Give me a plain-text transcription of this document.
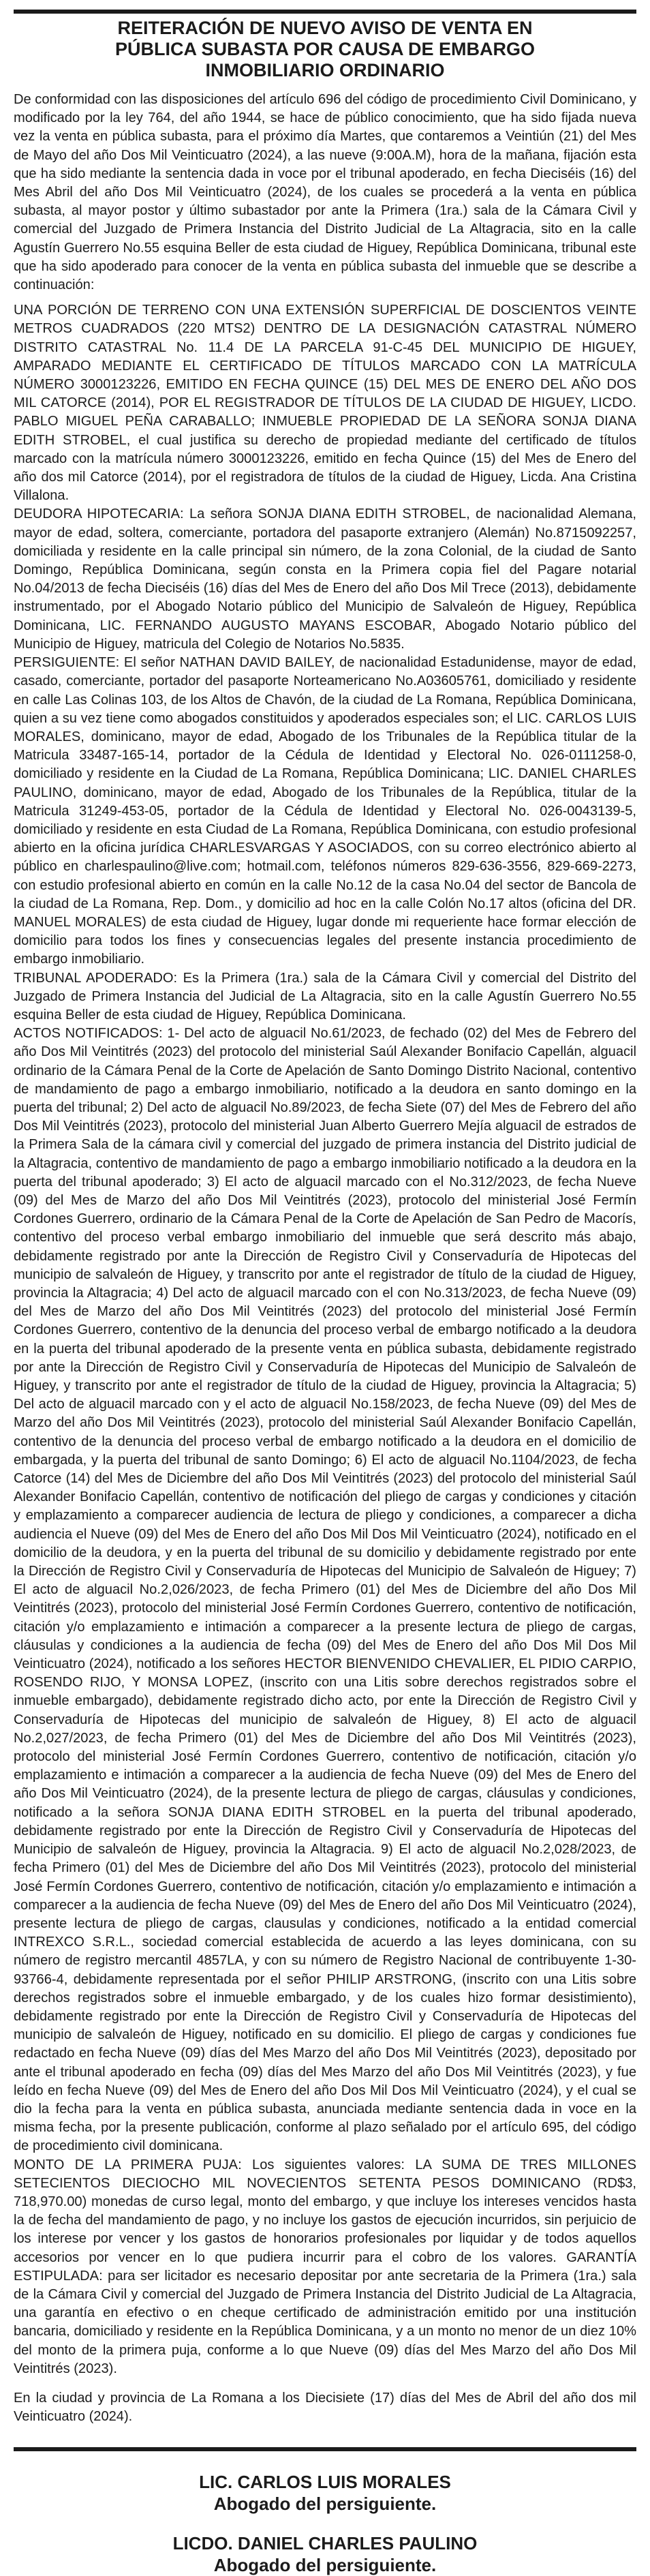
REITERACIÓN DE NUEVO AVISO DE VENTA EN
PÚBLICA SUBASTA POR CAUSA DE EMBARGO
INMOBILIARIO ORDINARIO

De conformidad con las disposiciones del artículo 696 del código de procedimiento Civil Dominicano, y modificado por la ley 764, del año 1944, se hace de público conocimiento, que ha sido fijada nueva vez la venta en pública subasta, para el próximo día Martes, que contaremos a Veintiún (21) del Mes de Mayo del año Dos Mil Veinticuatro (2024), a las nueve (9:00A.M), hora de la mañana, fijación esta que ha sido mediante la sentencia dada in voce por el tribunal apoderado, en fecha Dieciséis (16) del Mes Abril del año Dos Mil Veinticuatro (2024), de los cuales se procederá a la venta en pública subasta, al mayor postor y último subastador por ante la Primera (1ra.) sala de la Cámara Civil y comercial del Juzgado de Primera Instancia del Distrito Judicial de La Altagracia, sito en la calle Agustín Guerrero No.55 esquina Beller de esta ciudad de Higuey, República Dominicana, tribunal este que ha sido apoderado para conocer de la venta en pública subasta del inmueble que se describe a continuación:

UNA PORCIÓN DE TERRENO CON UNA EXTENSIÓN SUPERFICIAL DE DOSCIENTOS VEINTE METROS CUADRADOS (220 MTS2) DENTRO DE LA DESIGNACIÓN CATASTRAL NÚMERO DISTRITO CATASTRAL No. 11.4 DE LA PARCELA 91-C-45 DEL MUNICIPIO DE HIGUEY, AMPARADO MEDIANTE EL CERTIFICADO DE TÍTULOS MARCADO CON LA MATRÍCULA NÚMERO 3000123226, EMITIDO EN FECHA QUINCE (15) DEL MES DE ENERO DEL AÑO DOS MIL CATORCE (2014), POR EL REGISTRADOR DE TÍTULOS DE LA CIUDAD DE HIGUEY, LICDO. PABLO MIGUEL PEÑA CARABALLO; INMUEBLE PROPIEDAD DE LA SEÑORA SONJA DIANA EDITH STROBEL, el cual justifica su derecho de propiedad mediante del certificado de títulos marcado con la matrícula número 3000123226, emitido en fecha Quince (15) del Mes de Enero del año dos mil Catorce (2014), por el registradora de títulos de la ciudad de Higuey, Licda. Ana Cristina Villalona.

DEUDORA HIPOTECARIA: La señora SONJA DIANA EDITH STROBEL, de nacionalidad Alemana, mayor de edad, soltera, comerciante, portadora del pasaporte extranjero (Alemán) No.8715092257, domiciliada y residente en la calle principal sin número, de la zona Colonial, de la ciudad de Santo Domingo, República Dominicana, según consta en la Primera copia fiel del Pagare notarial No.04/2013 de fecha Dieciséis (16) días del Mes de Enero del año Dos Mil Trece (2013), debidamente instrumentado, por el Abogado Notario público del Municipio de Salvaleón de Higuey, República Dominicana, LIC. FERNANDO AUGUSTO MAYANS ESCOBAR, Abogado Notario público del Municipio de Higuey, matricula del Colegio de Notarios No.5835.

PERSIGUIENTE: El señor NATHAN DAVID BAILEY, de nacionalidad Estadunidense, mayor de edad, casado, comerciante, portador del pasaporte Norteamericano No.A03605761, domiciliado y residente en calle Las Colinas 103, de los Altos de Chavón, de la ciudad de La Romana, República Dominicana, quien a su vez tiene como abogados constituidos y apoderados especiales son; el LIC. CARLOS LUIS MORALES, dominicano, mayor de edad, Abogado de los Tribunales de la República titular de la Matricula 33487-165-14, portador de la Cédula de Identidad y Electoral No. 026-0111258-0, domiciliado y residente en la Ciudad de La Romana, República Dominicana; LIC. DANIEL CHARLES PAULINO, dominicano, mayor de edad, Abogado de los Tribunales de la República, titular de la Matricula 31249-453-05, portador de la Cédula de Identidad y Electoral No. 026-0043139-5, domiciliado y residente en esta Ciudad de La Romana, República Dominicana, con estudio profesional abierto en la oficina jurídica CHARLESVARGAS Y ASOCIADOS, con su correo electrónico abierto al público en charlespaulino@live.com; hotmail.com, teléfonos números 829-636-3556, 829-669-2273, con estudio profesional abierto en común en la calle No.12 de la casa No.04 del sector de Bancola de la ciudad de La Romana, Rep. Dom., y domicilio ad hoc en la calle Colón No.17 altos (oficina del DR. MANUEL MORALES) de esta ciudad de Higuey, lugar donde mi requeriente hace formar elección de domicilio para todos los fines y consecuencias legales del presente instancia procedimiento de embargo inmobiliario.

TRIBUNAL APODERADO: Es la Primera (1ra.) sala de la Cámara Civil y comercial del Distrito del Juzgado de Primera Instancia del Judicial de La Altagracia, sito en la calle Agustín Guerrero No.55 esquina Beller de esta ciudad de Higuey, República Dominicana.

ACTOS NOTIFICADOS: 1- Del acto de alguacil No.61/2023, de fechado (02) del Mes de Febrero del año Dos Mil Veintitrés (2023) del protocolo del ministerial Saúl Alexander Bonifacio Capellán, alguacil ordinario de la Cámara Penal de la Corte de Apelación de Santo Domingo Distrito Nacional, contentivo de mandamiento de pago a embargo inmobiliario, notificado a la deudora en santo domingo en la puerta del tribunal; 2) Del acto de alguacil No.89/2023, de fecha Siete (07) del Mes de Febrero del año Dos Mil Veintitrés (2023), protocolo del ministerial Juan Alberto Guerrero Mejía alguacil de estrados de la Primera Sala de la cámara civil y comercial del juzgado de primera instancia del Distrito judicial de la Altagracia, contentivo de mandamiento de pago a embargo inmobiliario notificado a la deudora en la puerta del tribunal apoderado; 3) El acto de alguacil marcado con el No.312/2023, de fecha Nueve (09) del Mes de Marzo del año Dos Mil Veintitrés (2023), protocolo del ministerial José Fermín Cordones Guerrero, ordinario de la Cámara Penal de la Corte de Apelación de San Pedro de Macorís, contentivo del proceso verbal embargo inmobiliario del inmueble que será descrito más abajo, debidamente registrado por ante la Dirección de Registro Civil y Conservaduría de Hipotecas del municipio de salvaleón de Higuey, y transcrito por ante el registrador de título de la ciudad de Higuey, provincia la Altagracia; 4) Del acto de alguacil marcado con el con No.313/2023, de fecha Nueve (09) del Mes de Marzo del año Dos Mil Veintitrés (2023) del protocolo del ministerial José Fermín Cordones Guerrero, contentivo de la denuncia del proceso verbal de embargo notificado a la deudora en la puerta del tribunal apoderado de la presente venta en pública subasta, debidamente registrado por ante la Dirección de Registro Civil y Conservaduría de Hipotecas del Municipio de Salvaleón de Higuey, y transcrito por ante el registrador de título de la ciudad de Higuey, provincia la Altagracia; 5) Del acto de alguacil marcado con y el acto de alguacil No.158/2023, de fecha Nueve (09) del Mes de Marzo del año Dos Mil Veintitrés (2023), protocolo del ministerial Saúl Alexander Bonifacio Capellán, contentivo de la denuncia del proceso verbal de embargo notificado a la deudora en el domicilio de embargada, y la puerta del tribunal de santo Domingo; 6) El acto de alguacil No.1104/2023, de fecha Catorce (14) del Mes de Diciembre del año Dos Mil Veintitrés (2023) del protocolo del ministerial Saúl Alexander Bonifacio Capellán, contentivo de notificación del pliego de cargas y condiciones y citación y emplazamiento a comparecer audiencia de lectura de pliego y condiciones, a comparecer a dicha audiencia el Nueve (09) del Mes de Enero del año Dos Mil Dos Mil Veinticuatro (2024), notificado en el domicilio de la deudora, y en la puerta del tribunal de su domicilio y debidamente registrado por ente la Dirección de Registro Civil y Conservaduría de Hipotecas del Municipio de Salvaleón de Higuey; 7) El acto de alguacil No.2,026/2023, de fecha Primero (01) del Mes de Diciembre del año Dos Mil Veintitrés (2023), protocolo del ministerial José Fermín Cordones Guerrero, contentivo de notificación, citación y/o emplazamiento e intimación a comparecer a la presente lectura de pliego de cargas, cláusulas y condiciones a la audiencia de fecha (09) del Mes de Enero del año Dos Mil Dos Mil Veinticuatro (2024), notificado a los señores HECTOR BIENVENIDO CHEVALIER, EL PIDIO CARPIO, ROSENDO RIJO, Y MONSA LOPEZ, (inscrito con una Litis sobre derechos registrados sobre el inmueble embargado), debidamente registrado dicho acto, por ente la Dirección de Registro Civil y Conservaduría de Hipotecas del municipio de salvaleón de Higuey, 8) El acto de alguacil No.2,027/2023, de fecha Primero (01) del Mes de Diciembre del año Dos Mil Veintitrés (2023), protocolo del ministerial José Fermín Cordones Guerrero, contentivo de notificación, citación y/o emplazamiento e intimación a comparecer a la audiencia de fecha Nueve (09) del Mes de Enero del año Dos Mil Veinticuatro (2024), de la presente lectura de pliego de cargas, cláusulas y condiciones, notificado a la señora SONJA DIANA EDITH STROBEL en la puerta del tribunal apoderado, debidamente registrado por ente la Dirección de Registro Civil y Conservaduría de Hipotecas del Municipio de salvaleón de Higuey, provincia la Altagracia. 9) El acto de alguacil No.2,028/2023, de fecha Primero (01) del Mes de Diciembre del año Dos Mil Veintitrés (2023), protocolo del ministerial José Fermín Cordones Guerrero, contentivo de notificación, citación y/o emplazamiento e intimación a comparecer a la audiencia de fecha Nueve (09) del Mes de Enero del año Dos Mil Veinticuatro (2024), presente lectura de pliego de cargas, clausulas y condiciones, notificado a la entidad comercial INTREXCO S.R.L., sociedad comercial establecida de acuerdo a las leyes dominicana, con su número de registro mercantil 4857LA, y con su número de Registro Nacional de contribuyente 1-30-93766-4, debidamente representada por el señor PHILIP ARSTRONG, (inscrito con una Litis sobre derechos registrados sobre el inmueble embargado, y de los cuales hizo formar desistimiento), debidamente registrado por ente la Dirección de Registro Civil y Conservaduría de Hipotecas del municipio de salvaleón de Higuey, notificado en su domicilio. El pliego de cargas y condiciones fue redactado en fecha Nueve (09) días del Mes Marzo del año Dos Mil Veintitrés (2023), depositado por ante el tribunal apoderado en fecha (09) días del Mes Marzo del año Dos Mil Veintitrés (2023), y fue leído en fecha Nueve (09) del Mes de Enero del año Dos Mil Dos Mil Veinticuatro (2024), y el cual se dio la fecha para la venta en pública subasta, anunciada mediante sentencia dada in voce en la misma fecha, por la presente publicación, conforme al plazo señalado por el artículo 695, del código de procedimiento civil dominicana.

MONTO DE LA PRIMERA PUJA: Los siguientes valores: LA SUMA DE TRES MILLONES SETECIENTOS DIECIOCHO MIL NOVECIENTOS SETENTA PESOS DOMINICANO (RD$3, 718,970.00) monedas de curso legal, monto del embargo, y que incluye los intereses vencidos hasta la de fecha del mandamiento de pago, y no incluye los gastos de ejecución incurridos, sin perjuicio de los interese por vencer y los gastos de honorarios profesionales por liquidar y de todos aquellos accesorios por vencer en lo que pudiera incurrir para el cobro de los valores. GARANTÍA ESTIPULADA: para ser licitador es necesario depositar por ante secretaria de la Primera (1ra.) sala de la Cámara Civil y comercial del Juzgado de Primera Instancia del Distrito Judicial de La Altagracia, una garantía en efectivo o en cheque certificado de administración emitido por una institución bancaria, domiciliado y residente en la República Dominicana, y a un monto no menor de un diez 10% del monto de la primera puja, conforme a lo que Nueve (09) días del Mes Marzo del año Dos Mil Veintitrés (2023).

En la ciudad y provincia de La Romana a los Diecisiete (17) días del Mes de Abril del año dos mil Veinticuatro (2024).

LIC. CARLOS LUIS MORALES
Abogado del persiguiente.
LICDO. DANIEL CHARLES PAULINO
Abogado del persiguiente.
